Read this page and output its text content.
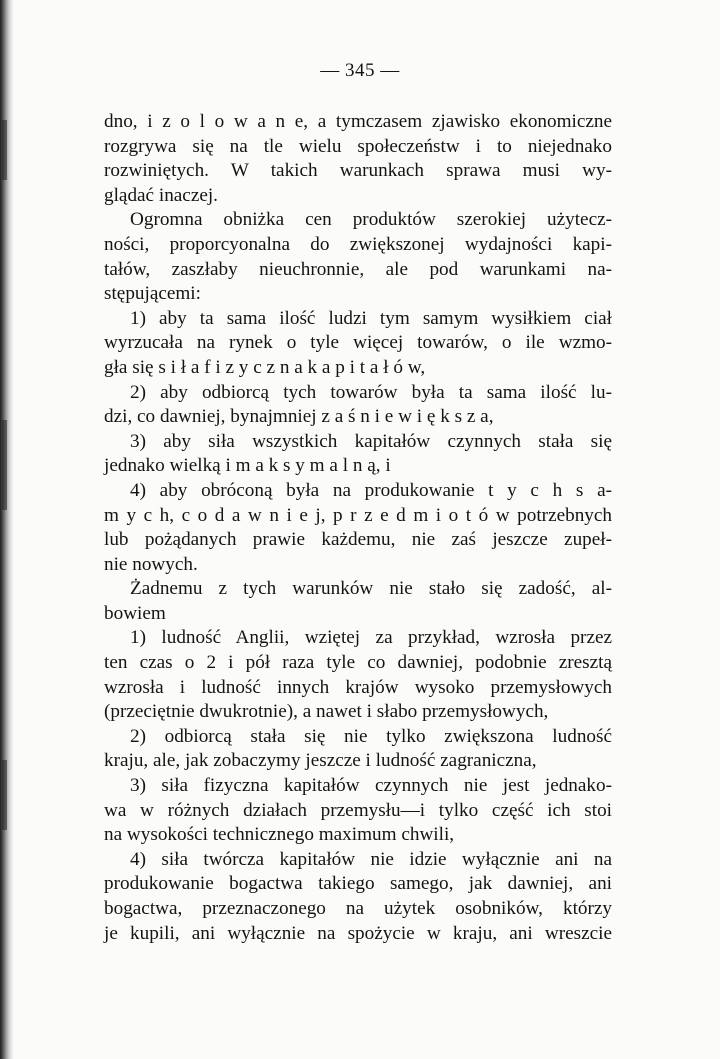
— 345 —
dno, i z o l o w a n e, a tymczasem zjawisko ekonomiczne
rozgrywa się na tle wielu społeczeństw i to niejednako
rozwiniętych. W takich warunkach sprawa musi wy-
glądać inaczej.
Ogromna obniżka cen produktów szerokiej użytecz-
ności, proporcyonalna do zwiększonej wydajności kapi-
tałów, zaszłaby nieuchronnie, ale pod warunkami na-
stępującemi:
1) aby ta sama ilość ludzi tym samym wysiłkiem ciał
wyrzucała na rynek o tyle więcej towarów, o ile wzmo-
gła się s i ł a f i z y c z n a k a p i t a ł ó w,
2) aby odbiorcą tych towarów była ta sama ilość lu-
dzi, co dawniej, bynajmniej z a ś n i e w i ę k s z a,
3) aby siła wszystkich kapitałów czynnych stała się
jednako wielką i m a k s y m a l n ą, i
4) aby obróconą była na produkowanie t y c h s a-
m y c h, c o d a w n i e j, p r z e d m i o t ó w potrzebnych
lub pożądanych prawie każdemu, nie zaś jeszcze zupeł-
nie nowych.
Żadnemu z tych warunków nie stało się zadość, al-
bowiem
1) ludność Anglii, wziętej za przykład, wzrosła przez
ten czas o 2 i pół raza tyle co dawniej, podobnie zresztą
wzrosła i ludność innych krajów wysoko przemysłowych
(przeciętnie dwukrotnie), a nawet i słabo przemysłowych,
2) odbiorcą stała się nie tylko zwiększona ludność
kraju, ale, jak zobaczymy jeszcze i ludność zagraniczna,
3) siła fizyczna kapitałów czynnych nie jest jednako-
wa w różnych działach przemysłu—i tylko część ich stoi
na wysokości technicznego maximum chwili,
4) siła twórcza kapitałów nie idzie wyłącznie ani na
produkowanie bogactwa takiego samego, jak dawniej, ani
bogactwa, przeznaczonego na użytek osobników, którzy
je kupili, ani wyłącznie na spożycie w kraju, ani wreszcie
